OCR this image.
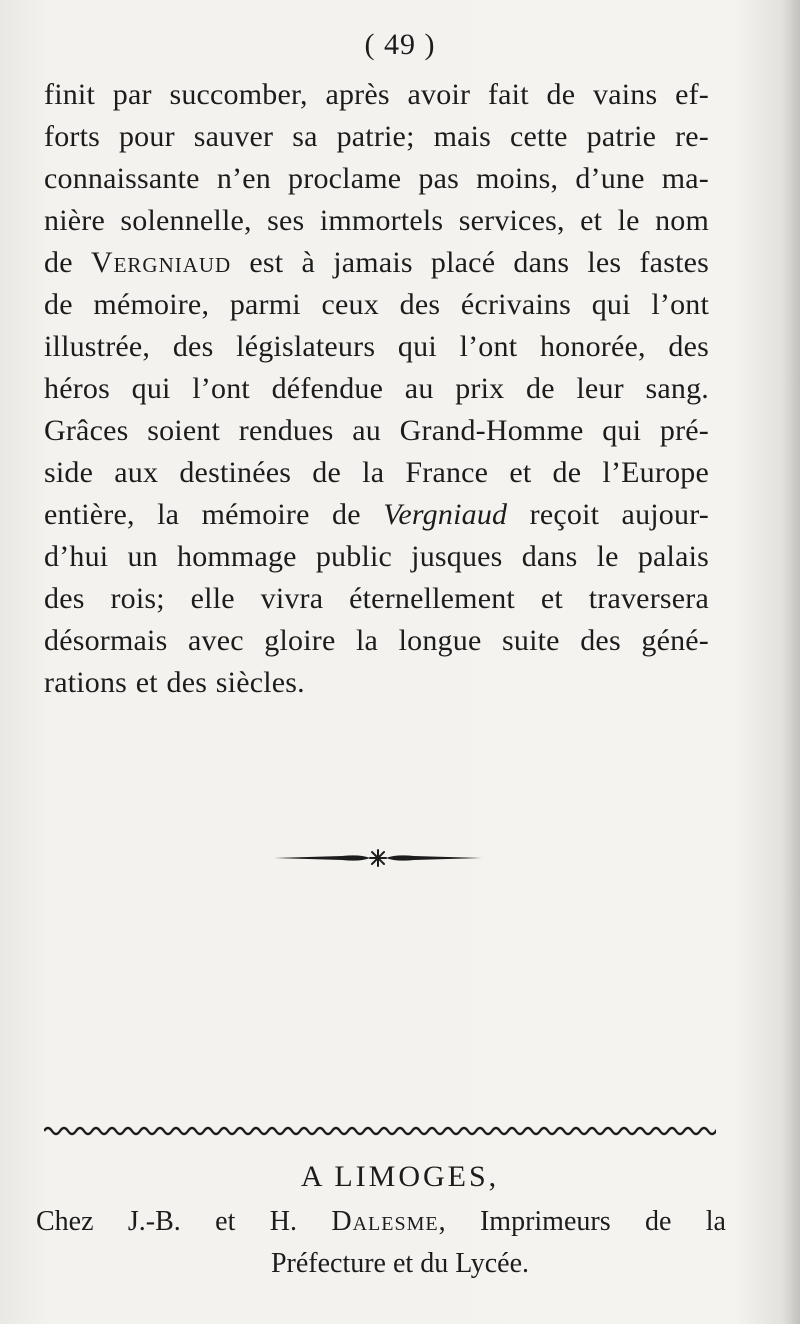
( 49 )
finit par succomber, après avoir fait de vains ef-
forts pour sauver sa patrie; mais cette patrie re-
connaissante n’en proclame pas moins, d’une ma-
nière solennelle, ses immortels services, et le nom
de Vergniaud est à jamais placé dans les fastes
de mémoire, parmi ceux des écrivains qui l’ont
illustrée, des législateurs qui l’ont honorée, des
héros qui l’ont défendue au prix de leur sang.
Grâces soient rendues au Grand-Homme qui pré-
side aux destinées de la France et de l’Europe
entière, la mémoire de Vergniaud reçoit aujour-
d’hui un hommage public jusques dans le palais
des rois; elle vivra éternellement et traversera
désormais avec gloire la longue suite des géné-
rations et des siècles.
A LIMOGES,
Chez J.-B. et H. Dalesme, Imprimeurs de la
Préfecture et du Lycée.
